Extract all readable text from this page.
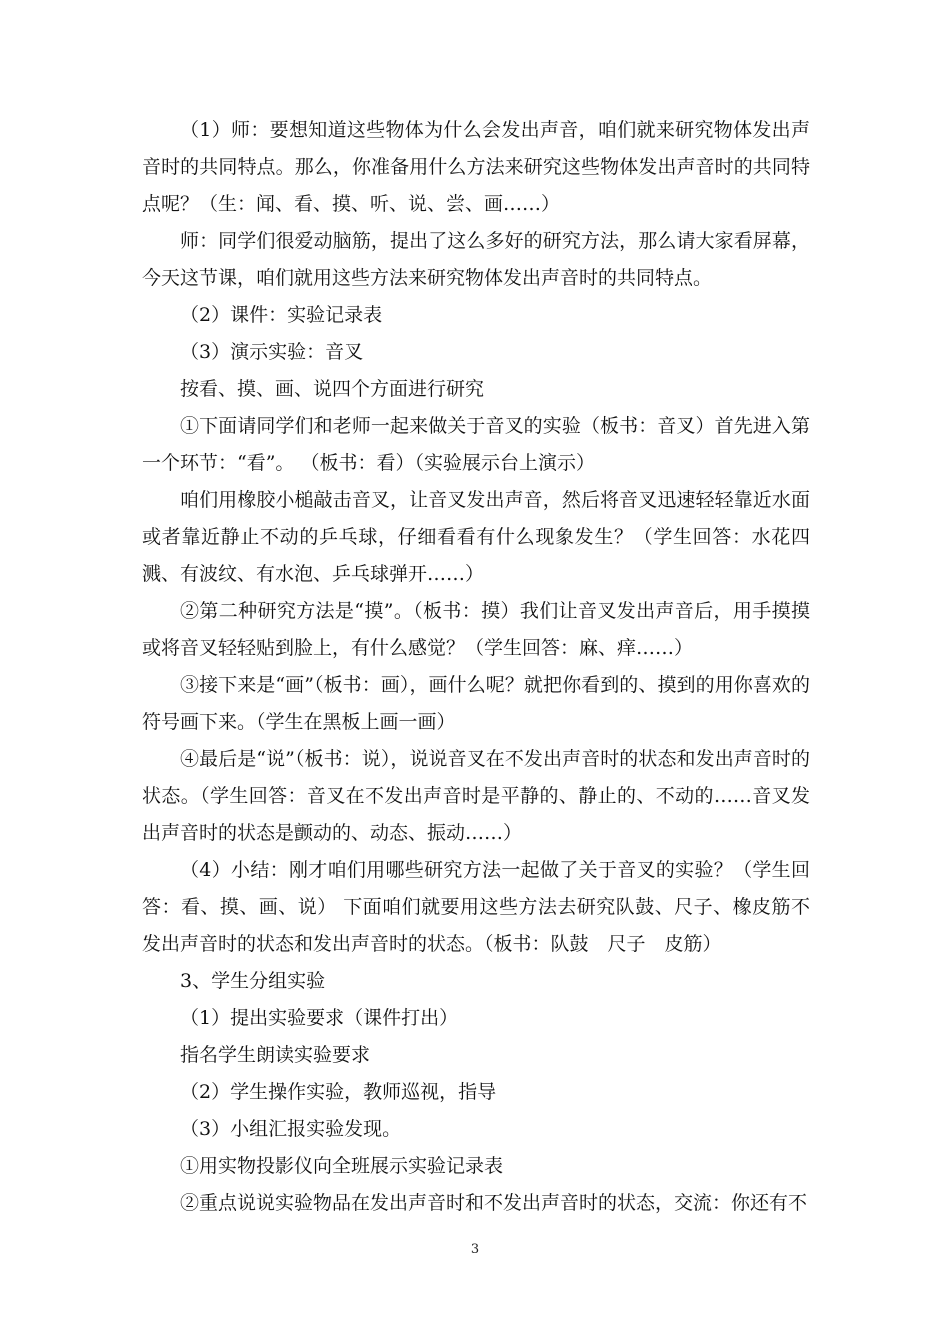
（1）师：要想知道这些物体为什么会发出声音，咱们就来研究物体发出声音时的共同特点。那么，你准备用什么方法来研究这些物体发出声音时的共同特点呢？（生：闻、看、摸、听、说、尝、画……）

师：同学们很爱动脑筋，提出了这么多好的研究方法，那么请大家看屏幕，今天这节课，咱们就用这些方法来研究物体发出声音时的共同特点。

（2）课件：实验记录表

（3）演示实验：音叉

按看、摸、画、说四个方面进行研究

①下面请同学们和老师一起来做关于音叉的实验（板书：音叉）首先进入第一个环节：“看”。 （板书：看）（实验展示台上演示）

咱们用橡胶小槌敲击音叉，让音叉发出声音，然后将音叉迅速轻轻靠近水面或者靠近静止不动的乒乓球，仔细看看有什么现象发生？（学生回答：水花四溅、有波纹、有水泡、乒乓球弹开……）

②第二种研究方法是“摸”。（板书：摸）我们让音叉发出声音后，用手摸摸或将音叉轻轻贴到脸上，有什么感觉？（学生回答：麻、痒……）

③接下来是“画”（板书：画），画什么呢？就把你看到的、摸到的用你喜欢的符号画下来。（学生在黑板上画一画）

④最后是“说”（板书：说），说说音叉在不发出声音时的状态和发出声音时的状态。（学生回答：音叉在不发出声音时是平静的、静止的、不动的……音叉发出声音时的状态是颤动的、动态、振动……）

（4）小结：刚才咱们用哪些研究方法一起做了关于音叉的实验？（学生回答：看、摸、画、说） 下面咱们就要用这些方法去研究队鼓、尺子、橡皮筋不发出声音时的状态和发出声音时的状态。（板书：队鼓　尺子　皮筋）

3、学生分组实验

（1）提出实验要求（课件打出）

指名学生朗读实验要求

（2）学生操作实验，教师巡视，指导

（3）小组汇报实验发现。

①用实物投影仪向全班展示实验记录表

②重点说说实验物品在发出声音时和不发出声音时的状态，交流：你还有不

3
